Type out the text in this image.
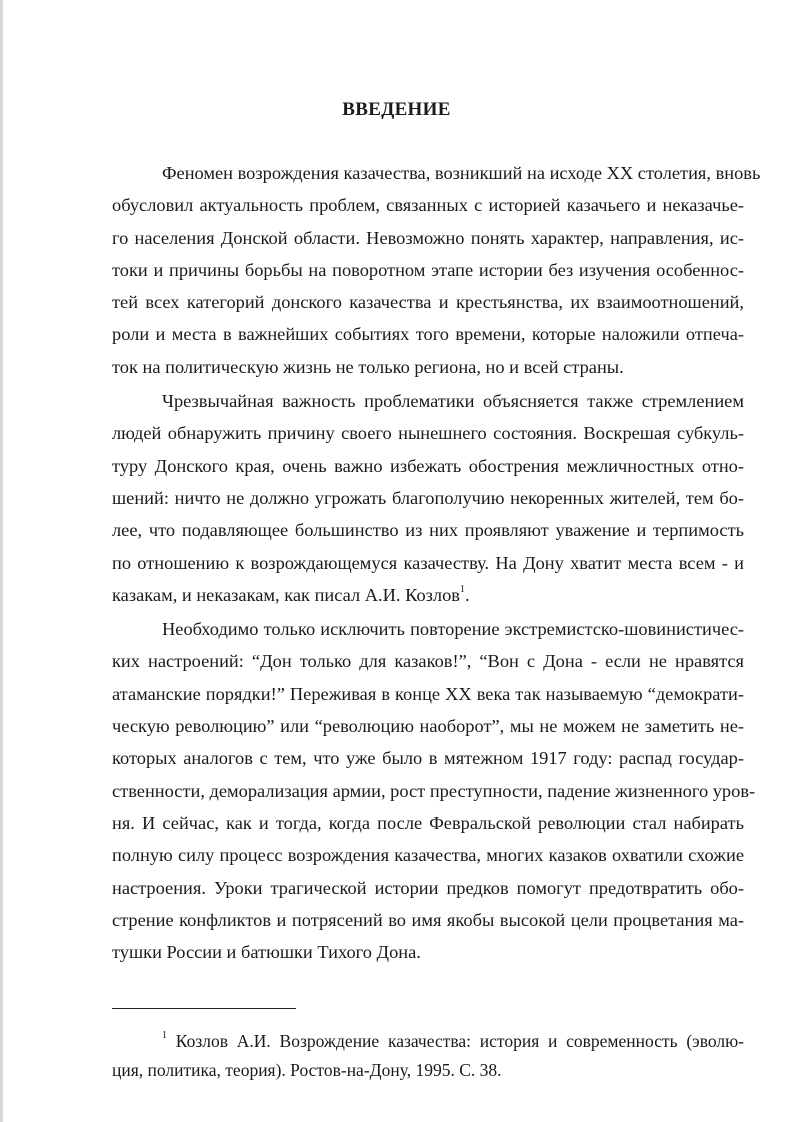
ВВЕДЕНИЕ
Феномен возрождения казачества, возникший на исходе XX столетия, вновь
обусловил актуальность проблем, связанных с историей казачьего и неказачье-
го населения Донской области. Невозможно понять характер, направления, ис-
токи и причины борьбы на поворотном этапе истории без изучения особеннос-
тей всех категорий донского казачества и крестьянства, их взаимоотношений,
роли и места в важнейших событиях того времени, которые наложили отпеча-
ток на политическую жизнь не только региона, но и всей страны.
Чрезвычайная важность проблематики объясняется также стремлением
людей обнаружить причину своего нынешнего состояния. Воскрешая субкуль-
туру Донского края, очень важно избежать обострения межличностных отно-
шений: ничто не должно угрожать благополучию некоренных жителей, тем бо-
лее, что подавляющее большинство из них проявляют уважение и терпимость
по отношению к возрождающемуся казачеству. На Дону хватит места всем - и
казакам, и неказакам, как писал А.И. Козлов$^1$.
Необходимо только исключить повторение экстремистско-шовинистичес-
ких настроений: “Дон только для казаков!”, “Вон с Дона - если не нравятся
атаманские порядки!” Переживая в конце XX века так называемую “демократи-
ческую революцию” или “революцию наоборот”, мы не можем не заметить не-
которых аналогов с тем, что уже было в мятежном 1917 году: распад государ-
ственности, деморализация армии, рост преступности, падение жизненного уров-
ня. И сейчас, как и тогда, когда после Февральской революции стал набирать
полную силу процесс возрождения казачества, многих казаков охватили схожие
настроения. Уроки трагической истории предков помогут предотвратить обо-
стрение конфликтов и потрясений во имя якобы высокой цели процветания ма-
тушки России и батюшки Тихого Дона.
$^1$ Козлов А.И. Возрождение казачества: история и современность (эволю-
ция, политика, теория). Ростов-на-Дону, 1995. С. 38.
